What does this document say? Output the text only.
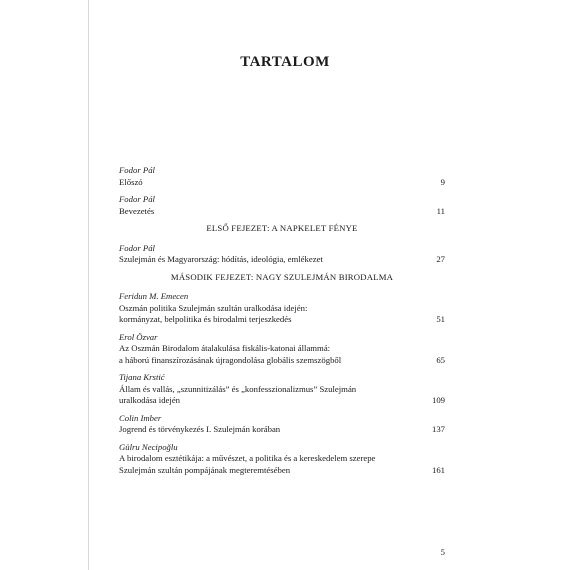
TARTALOM
Fodor Pál
Előszó	9
Fodor Pál
Bevezetés	11
ELSŐ FEJEZET: A NAPKELET FÉNYE
Fodor Pál
Szulejmán és Magyarország: hódítás, ideológia, emlékezet	27
MÁSODIK FEJEZET: NAGY SZULEJMÁN BIRODALMA
Feridun M. Emecen
Oszmán politika Szulejmán szultán uralkodása idején:
kormányzat, belpolitika és birodalmi terjeszkedés	51
Erol Özvar
Az Oszmán Birodalom átalakulása fiskális-katonai állammá:
a háború finanszírozásának újragondolása globális szemszögből	65
Tijana Krstić
Állam és vallás, „szunnitizálás” és „konfesszionalizmus” Szulejmán
uralkodása idején	109
Colin Imber
Jogrend és törvénykezés I. Szulejmán korában	137
Gülru Necipoğlu
A birodalom esztétikája: a művészet, a politika és a kereskedelem szerepe
Szulejmán szultán pompájának megteremtésében	161
5
